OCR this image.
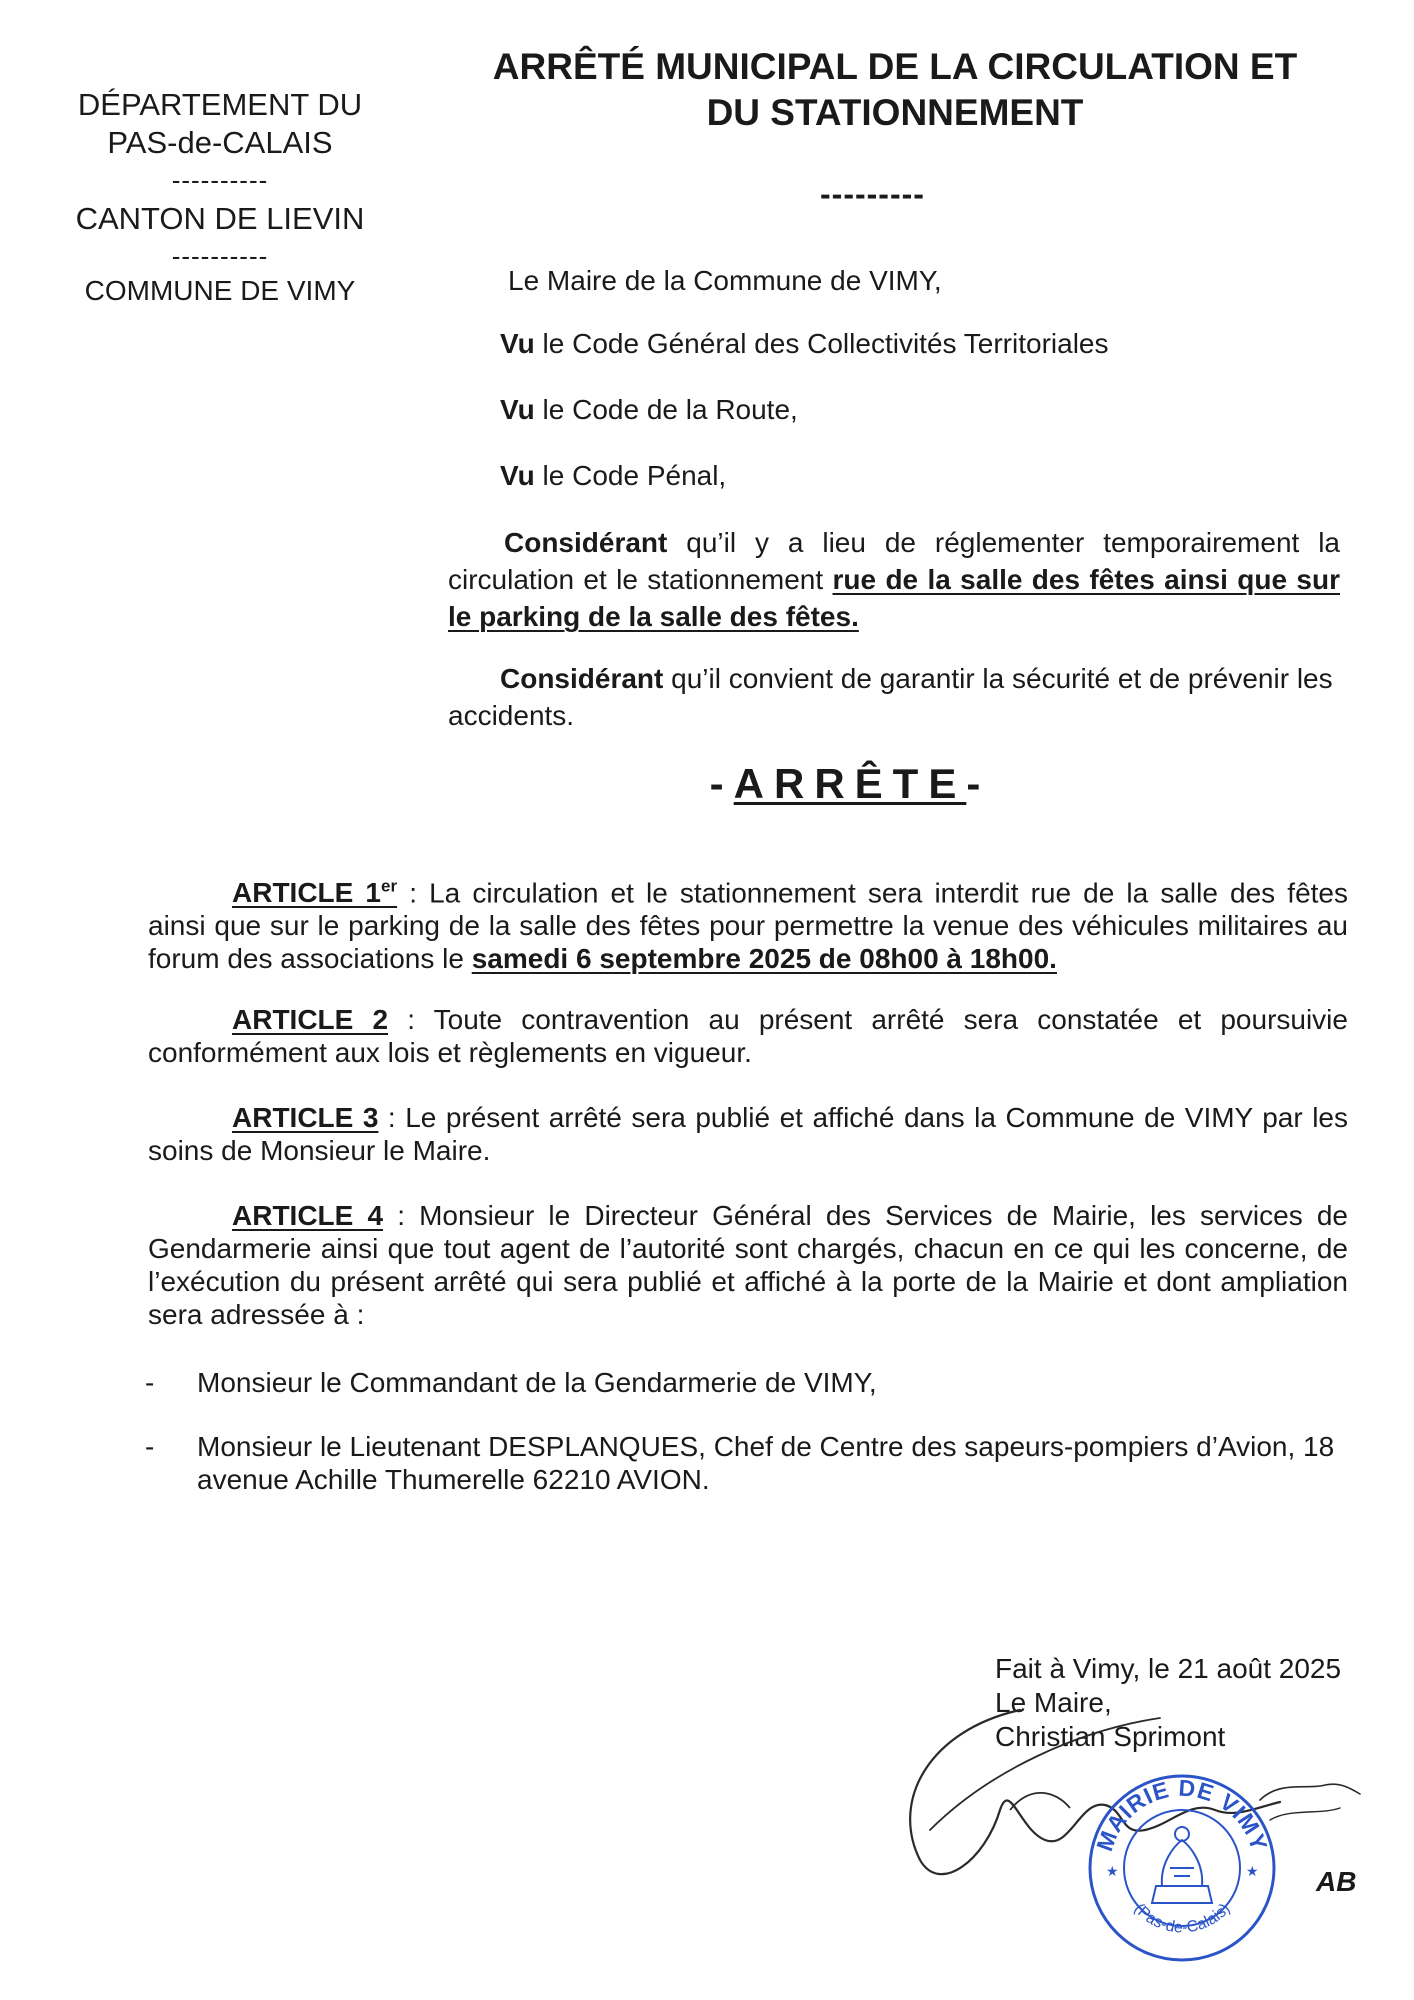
DÉPARTEMENT DU
PAS-de-CALAIS
----------
CANTON DE LIEVIN
----------
COMMUNE DE VIMY
ARRÊTÉ MUNICIPAL DE LA CIRCULATION ET
DU STATIONNEMENT
---------
Le Maire de la Commune de VIMY,
Vu le Code Général des Collectivités Territoriales
Vu le Code de la Route,
Vu le Code Pénal,
Considérant qu’il y a lieu de réglementer temporairement la circulation et le stationnement rue de la salle des fêtes ainsi que sur le parking de la salle des fêtes.
Considérant qu’il convient de garantir la sécurité et de prévenir les accidents.
-ARRÊTE-
ARTICLE 1er : La circulation et le stationnement sera interdit rue de la salle des fêtes ainsi que sur le parking de la salle des fêtes pour permettre la venue des véhicules militaires au forum des associations le samedi 6 septembre 2025 de 08h00 à 18h00.
ARTICLE 2 : Toute contravention au présent arrêté sera constatée et poursuivie conformément aux lois et règlements en vigueur.
ARTICLE 3 : Le présent arrêté sera publié et affiché dans la Commune de VIMY par les soins de Monsieur le Maire.
ARTICLE 4 : Monsieur le Directeur Général des Services de Mairie, les services de Gendarmerie ainsi que tout agent de l’autorité sont chargés, chacun en ce qui les concerne, de l’exécution du présent arrêté qui sera publié et affiché à la porte de la Mairie et dont ampliation sera adressée à :
- Monsieur le Commandant de la Gendarmerie de VIMY,
- Monsieur le Lieutenant DESPLANQUES, Chef de Centre des sapeurs-pompiers d’Avion, 18 avenue Achille Thumerelle 62210 AVION.
Fait à Vimy, le 21 août 2025
Le Maire,
Christian Sprimont
AB
MAIRIE DE VIMY
(Pas-de-Calais)
★	★
